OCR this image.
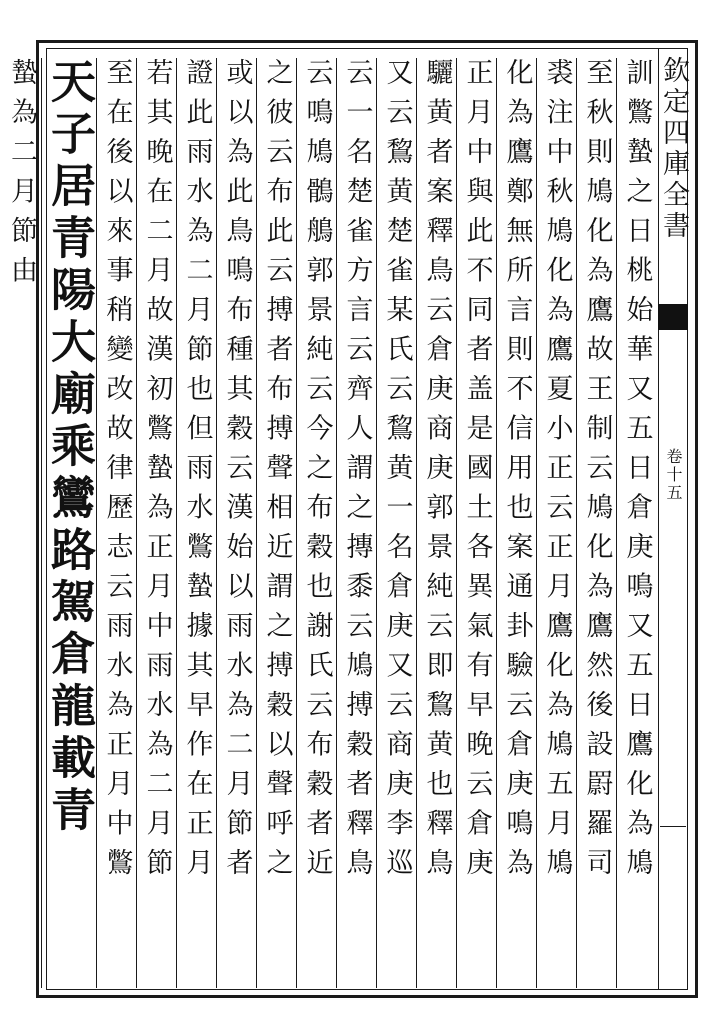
欽定四庫全書
卷十五
訓鷩蟄之日桃始華又五日倉庚鳴又五日鷹化為鳩
至秋則鳩化為鷹故王制云鳩化為鷹然後設罻羅司
裘注中秋鳩化為鷹夏小正云正月鷹化為鳩五月鳩
化為鷹鄭無所言則不信用也案通卦驗云倉庚鳴為
正月中與此不同者盖是國土各異氣有早晚云倉庚
驪黄者案釋鳥云倉庚商庚郭景純云即鵹黄也釋鳥
又云鵹黄楚雀某氏云鵹黄一名倉庚又云商庚李巡
云一名楚雀方言云齊人謂之摶黍云鳩搏穀者釋鳥
云鳴鳩鶻鵃郭景純云今之布穀也謝氏云布穀者近
之彼云布此云搏者布搏聲相近謂之搏穀以聲呼之
或以為此鳥鳴布種其穀云漢始以雨水為二月節者
證此雨水為二月節也但雨水鷩蟄據其早作在正月
若其晚在二月故漢初鷩蟄為正月中雨水為二月節
至在後以來事稍變改故律歷志云雨水為正月中鷩
天子居青陽大廟乘鸞路駕倉龍載青
蟄為二月節由
